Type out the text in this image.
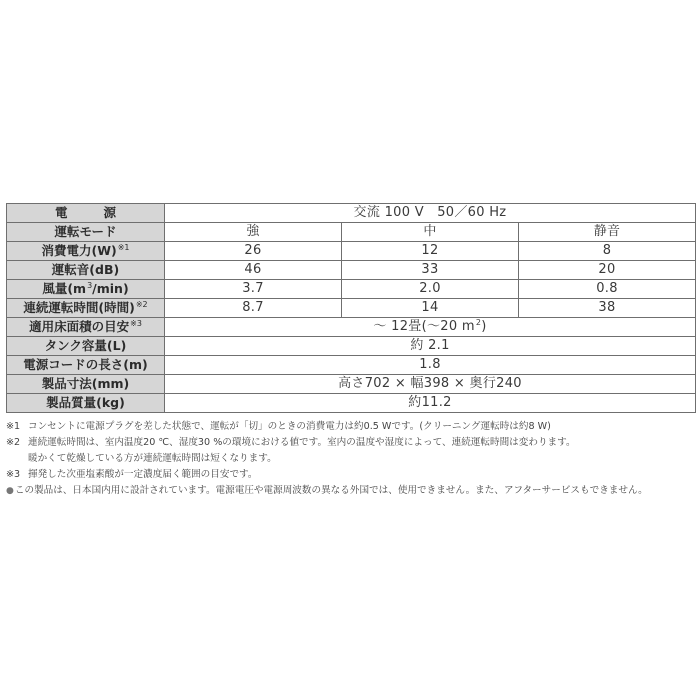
電 源	交流 100 V　50／60 Hz		
運転モード	強	中	静音
消費電力$(W)^{※1}$	26	12	8
運転音(dB)	46	33	20
風量$(m^3/\min)$	3.7	2.0	0.8
連続運転時間(時間)$^{※2}$	8.7	14	38
適用床面積の目安$^{※3}$	～ 12畳(～20 $m^2$)		
タンク容量(L)	約 2.1		
電源コードの長さ(m)	1.8		
製品寸法(mm)	高さ702 × 幅398 × 奥行240		
製品質量(kg)	約11.2		
※1 コンセントに電源プラグを差した状態で、運転が「切」のときの消費電力は約0.5 Wです。(クリーニング運転時は約8 W)
※2 連続運転時間は、室内温度20 ℃、湿度30 %の環境における値です。室内の温度や湿度によって、連続運転時間は変わります。
暖かくて乾燥している方が連続運転時間は短くなります。
※3 揮発した次亜塩素酸が一定濃度届く範囲の目安です。
● この製品は、日本国内用に設計されています。電源電圧や電源周波数の異なる外国では、使用できません。また、アフターサービスもできません。
